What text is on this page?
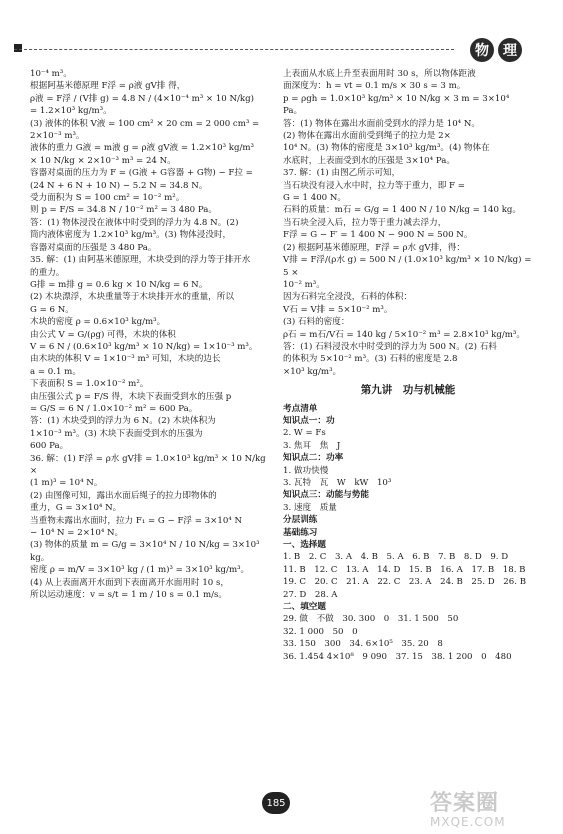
物	理

10⁻⁴ m³。

根据阿基米德原理 F浮 = ρ液 gV排 得，

ρ液 = F浮 / (V排 g) = 4.8 N / (4×10⁻⁴ m³ × 10 N/kg)

= 1.2×10³ kg/m³。

(3) 液体的体积 V液 = 100 cm² × 20 cm = 2 000 cm³ =

2×10⁻³ m³。

液体的重力 G液 = m液 g = ρ液 gV液 = 1.2×10³ kg/m³

× 10 N/kg × 2×10⁻³ m³ = 24 N。

容器对桌面的压力为 F = (G液 + G容器 + G物) − F拉 =

(24 N + 6 N + 10 N) − 5.2 N = 34.8 N。

受力面积为 S = 100 cm² = 10⁻² m²。

则 p = F/S = 34.8 N / 10⁻² m² = 3 480 Pa。

答：(1) 物体浸没在液体中时受到的浮力为 4.8 N。(2)

筒内液体密度为 1.2×10³ kg/m³。(3) 物体浸没时，

容器对桌面的压强是 3 480 Pa。

35. 解：(1) 由阿基米德原理，木块受到的浮力等于排开水

的重力。

G排 = m排 g = 0.6 kg × 10 N/kg = 6 N。

(2) 木块漂浮，木块重量等于木块排开水的重量，所以

G = 6 N。

木块的密度 ρ = 0.6×10³ kg/m³。

由公式 V = G/(ρg) 可得，木块的体积

V = 6 N / (0.6×10³ kg/m³ × 10 N/kg) = 1×10⁻³ m³。

由木块的体积 V = 1×10⁻³ m³ 可知，木块的边长

a = 0.1 m。

下表面积 S = 1.0×10⁻² m²。

由压强公式 p = F/S 得，木块下表面受到水的压强 p

= G/S = 6 N / 1.0×10⁻² m² = 600 Pa。

答：(1) 木块受到的浮力为 6 N。(2) 木块体积为

1×10⁻³ m³。(3) 木块下表面受到水的压强为

600 Pa。

36. 解：(1) F浮 = ρ水 gV排 = 1.0×10³ kg/m³ × 10 N/kg ×

(1 m)³ = 10⁴ N。

(2) 由图像可知，露出水面后绳子的拉力即物体的

重力，G = 3×10⁴ N。

当重物未露出水面时，拉力 F₁ = G − F浮 = 3×10⁴ N

− 10⁴ N = 2×10⁴ N。

(3) 物体的质量 m = G/g = 3×10⁴ N / 10 N/kg = 3×10³ kg。

密度 ρ = m/V = 3×10³ kg / (1 m)³ = 3×10³ kg/m³。

(4) 从上表面离开水面到下表面离开水面用时 10 s，

所以运动速度：v = s/t = 1 m / 10 s = 0.1 m/s。

上表面从水底上升至表面用时 30 s，所以物体距液

面深度为：h = vt = 0.1 m/s × 30 s = 3 m。

p = ρgh = 1.0×10³ kg/m³ × 10 N/kg × 3 m = 3×10⁴

Pa。

答：(1) 物体在露出水面前受到水的浮力是 10⁴ N。

(2) 物体在露出水面前受到绳子的拉力是 2×

10⁴ N。(3) 物体的密度是 3×10³ kg/m³。(4) 物体在

水底时，上表面受到水的压强是 3×10⁴ Pa。

37. 解：(1) 由图乙所示可知，

当石块没有浸入水中时，拉力等于重力，即 F =

G = 1 400 N。

石料的质量：m石 = G/g = 1 400 N / 10 N/kg = 140 kg。

当石块全浸入后，拉力等于重力减去浮力，

F浮 = G − F′ = 1 400 N − 900 N = 500 N。

(2) 根据阿基米德原理，F浮 = ρ水 gV排，得：

V排 = F浮/(ρ水 g) = 500 N / (1.0×10³ kg/m³ × 10 N/kg) = 5 ×

10⁻² m³。

因为石料完全浸没，石料的体积：

V石 = V排 = 5×10⁻² m³。

(3) 石料的密度：

ρ石 = m石/V石 = 140 kg / 5×10⁻² m³ = 2.8×10³ kg/m³。

答：(1) 石料浸没水中时受到的浮力为 500 N。(2) 石料

的体积为 5×10⁻² m³。(3) 石料的密度是 2.8

×10³ kg/m³。

第九讲　功与机械能

考点清单

知识点一：功

2. W = Fs

3. 焦耳　焦　J

知识点二：功率

1. 做功快慢

3. 瓦特　瓦　W　kW　10³

知识点三：动能与势能

3. 速度　质量

分层训练

基础练习

一、选择题

1. B　2. C　3. A　4. B　5. A　6. B　7. B　8. D　9. D

11. B　12. C　13. A　14. D　15. B　16. A　17. B　18. B

19. C　20. C　21. A　22. C　23. A　24. B　25. D　26. B

27. D　28. A

二、填空题

29. 做　不做　30. 300　0　31. 1 500　50

32. 1 000　50　0

33. 150　300　34. 6×10⁵　35. 20　8

36. 1.454 4×10⁸　9 090　37. 15　38. 1 200　0　480

185	答案圈
MXQE.COM
